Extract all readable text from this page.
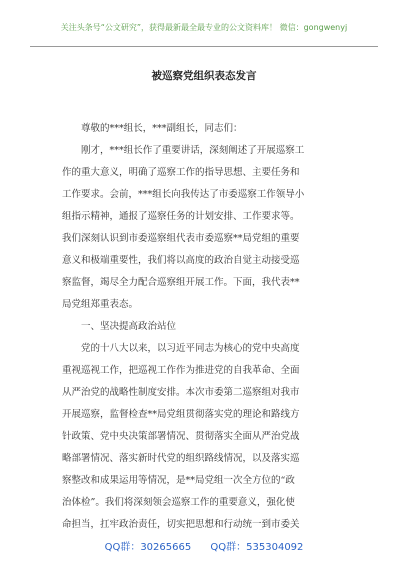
关注头条号“公文研究”，获得最新最全最专业的公文资料库！ 微信：gongwenyj
被巡察党组织表态发言
尊敬的***组长，***副组长，同志们：
刚才，***组长作了重要讲话，深刻阐述了开展巡察工
作的重大意义，明确了巡察工作的指导思想、主要任务和
工作要求。会前，***组长向我传达了市委巡察工作领导小
组指示精神，通报了巡察任务的计划安排、工作要求等。
我们深刻认识到市委巡察组代表市委巡察**局党组的重要
意义和极端重要性，我们将以高度的政治自觉主动接受巡
察监督，竭尽全力配合巡察组开展工作。下面，我代表**
局党组郑重表态。
一、坚决提高政治站位
党的十八大以来，以习近平同志为核心的党中央高度
重视巡视工作，把巡视工作作为推进党的自我革命、全面
从严治党的战略性制度安排。本次市委第二巡察组对我市
开展巡察，监督检查**局党组贯彻落实党的理论和路线方
针政策、党中央决策部署情况、贯彻落实全面从严治党战
略部署情况、落实新时代党的组织路线情况，以及落实巡
察整改和成果运用等情况，是**局党组一次全方位的“政
治体检”。我们将深刻领会巡察工作的重要意义，强化使
命担当，扛牢政治责任，切实把思想和行动统一到市委关
QQ群：30265665 QQ群：535304092
